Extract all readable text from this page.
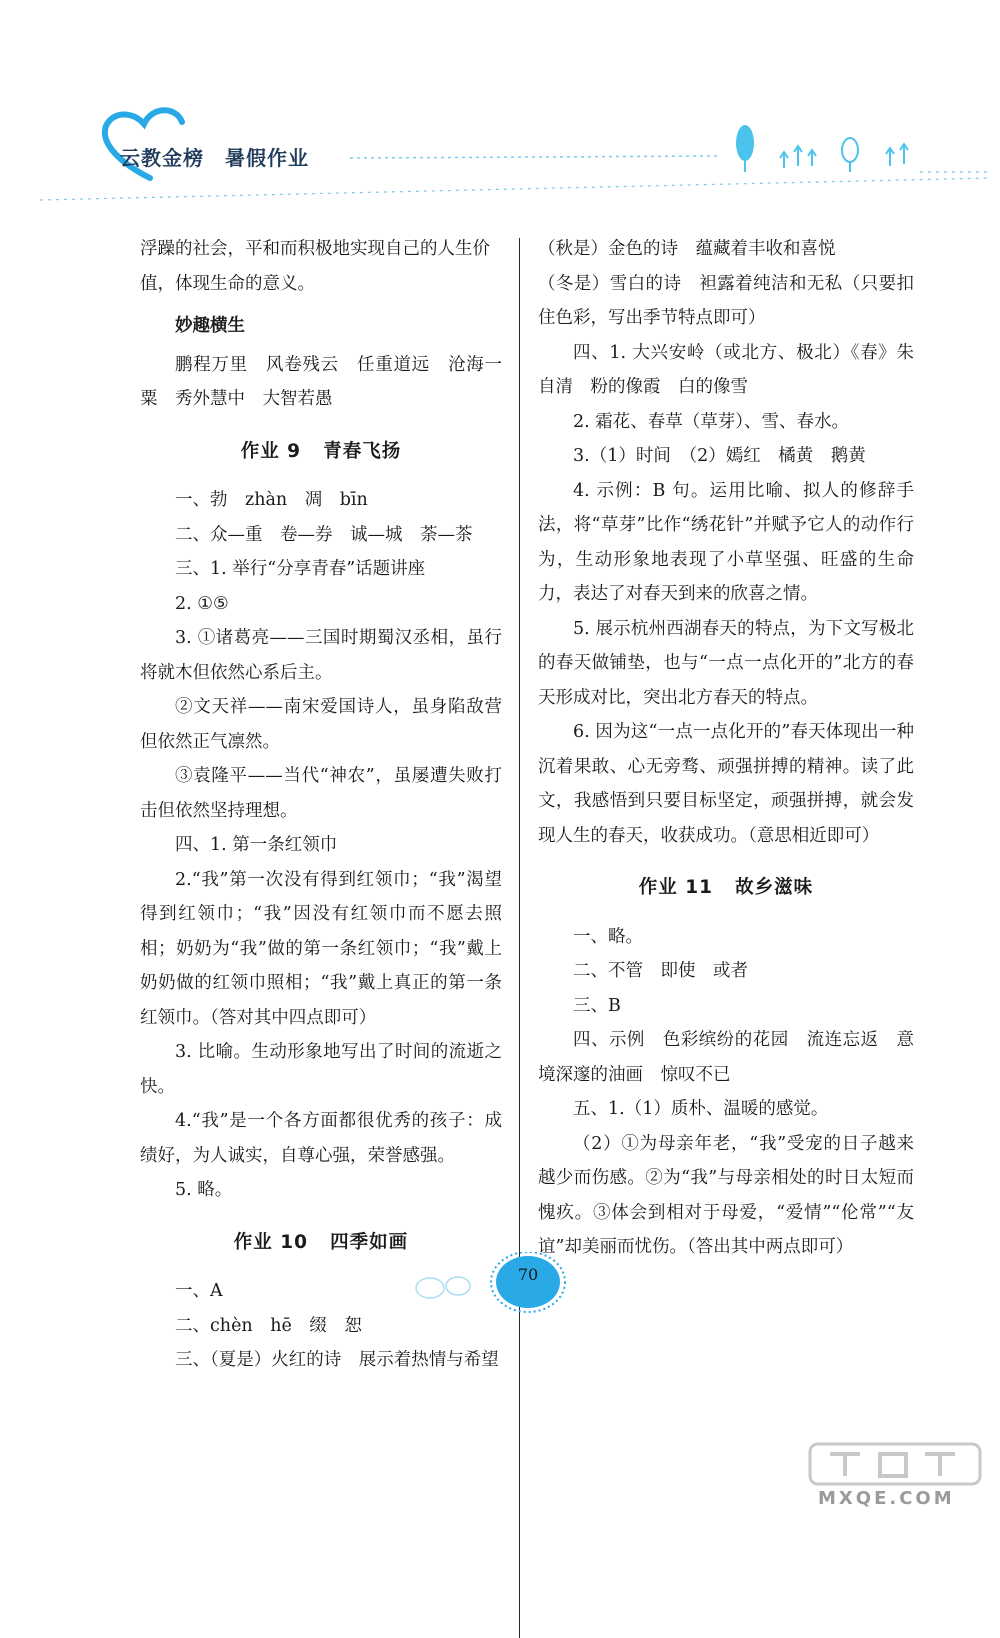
云教金榜　暑假作业

浮躁的社会，平和而积极地实现自己的人生价

值，体现生命的意义。

妙趣横生

鹏程万里　风卷残云　任重道远　沧海一粟　秀外慧中　大智若愚

作业 9 青春飞扬

一、勃　zhàn　凋　bīn

二、众—重　卷—券　诚—城　荼—茶

三、1. 举行“分享青春”话题讲座

2. ①⑤

3. ①诸葛亮——三国时期蜀汉丞相，虽行将就木但依然心系后主。

②文天祥——南宋爱国诗人，虽身陷敌营但依然正气凛然。

③袁隆平——当代“神农”，虽屡遭失败打击但依然坚持理想。

四、1. 第一条红领巾

2.“我”第一次没有得到红领巾；“我”渴望得到红领巾；“我”因没有红领巾而不愿去照相；奶奶为“我”做的第一条红领巾；“我”戴上奶奶做的红领巾照相；“我”戴上真正的第一条红领巾。（答对其中四点即可）

3. 比喻。生动形象地写出了时间的流逝之快。

4.“我”是一个各方面都很优秀的孩子：成绩好，为人诚实，自尊心强，荣誉感强。

5. 略。

作业 10 四季如画

一、A

二、chèn　hē　缀　恕

三、（夏是）火红的诗　展示着热情与希望

（秋是）金色的诗　蕴藏着丰收和喜悦

（冬是）雪白的诗　袒露着纯洁和无私（只要扣住色彩，写出季节特点即可）

四、1. 大兴安岭（或北方、极北）《春》朱自清　粉的像霞　白的像雪

2. 霜花、春草（草芽）、雪、春水。

3.（1）时间　（2）嫣红　橘黄　鹅黄

4. 示例：B 句。运用比喻、拟人的修辞手法，将“草芽”比作“绣花针”并赋予它人的动作行为，生动形象地表现了小草坚强、旺盛的生命力，表达了对春天到来的欣喜之情。

5. 展示杭州西湖春天的特点，为下文写极北的春天做铺垫，也与“一点一点化开的”北方的春天形成对比，突出北方春天的特点。

6. 因为这“一点一点化开的”春天体现出一种沉着果敢、心无旁骛、顽强拼搏的精神。读了此文，我感悟到只要目标坚定，顽强拼搏，就会发现人生的春天，收获成功。（意思相近即可）

作业 11 故乡滋味

一、略。

二、不管　即使　或者

三、B

四、示例　色彩缤纷的花园　流连忘返　意境深邃的油画　惊叹不已

五、1.（1）质朴、温暖的感觉。

（2）①为母亲年老，“我”受宠的日子越来越少而伤感。②为“我”与母亲相处的时日太短而愧疚。③体会到相对于母爱，“爱情”“伦常”“友谊”却美丽而忧伤。（答出其中两点即可）

70
MXQE.COM
